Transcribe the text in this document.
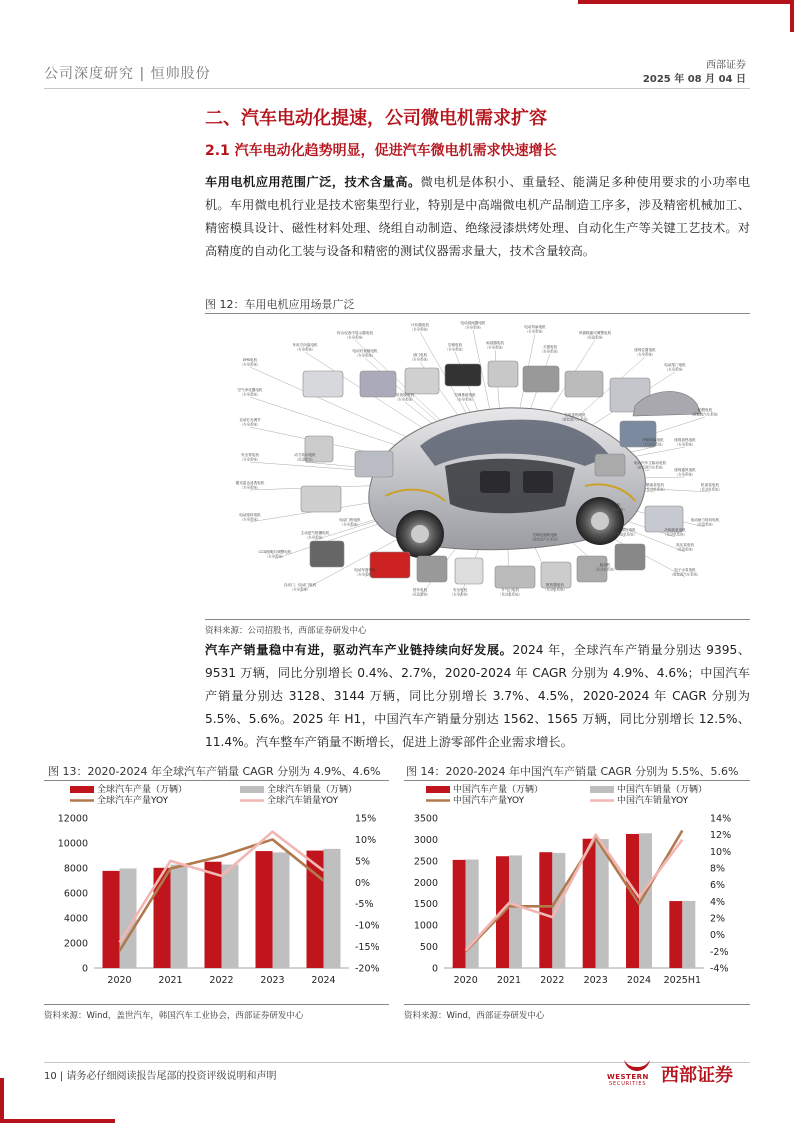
公司深度研究 | 恒帅股份
西部证券
2025 年 08 月 04 日
二、汽车电动化提速，公司微电机需求扩容
2.1 汽车电动化趋势明显，促进汽车微电机需求快速增长

车用电机应用范围广泛，技术含量高。微电机是体积小、重量轻、能满足多种使用要求的小功率电机。车用微电机行业是技术密集型行业，特别是中高端微电机产品制造工序多，涉及精密机械加工、精密模具设计、磁性材料处理、绕组自动制造、绝缘浸漆烘烤处理、自动化生产等关键工艺技术。对高精度的自动化工装与设备和精密的测试仪器需求量大，技术含量较高。

图 12：车用电机应用场景广泛
综合仪表中显示器电机
（车身系统）
计价器电机
（车身系统）
电动刮雨器电机
（车身系统）	电动风扇电机
（车身系统）	风窗除霜可调整电机
（底盘系统）
座椅位置电机
（车身系统）
EPB电机
（车身系统）
空气净化器电机
（车身系统）
自动灯光调节
（车身系统）
安全带电机
（车身系统）
激光雷达清洗电机
（车身系统）
电动座椅电机
（车身系统）
CCD照明灯调整电机
（车身系统）
自动门、电动门电机
（车身系统）
车用方向盘电机
（车身系统）	电动后视镜电机
（车身系统）	油门电机
（车身系统）
空调电机
（车身系统）
高压泵电机
（底盘系统）
雨刮器电机
（车身系统）	天窗电机
（车身系统）
充电盖锁电机
（新能源汽车系统）
后视镜电机
（车身系统）
空调系统电机
（车身系统）
动力转向电机
（底盘系统）
电动尾门电机
（车身系统）
轮毂电机
（新能源汽车系统）
电动汽车主驱动电机
（新能源汽车系统）
冷却风扇电机
（发动机系统）
燃油泵电机
（发动机系统）
发电机
（发动机系统）
起动机
（发动机系统）
电动车窗电机
（车身系统）
散热器电机
（发动机系统）
涡轮增压电机
（发动机系统）
冷却液泵电机
（发动机系统）
节气门电机
（发动机系统）
驻车电机
（底盘系统）
安全电机
（车身系统）
电动门锁电机
（车身系统）
主动进气格栅电机
（车身系统）
座椅加热电机
（车身系统）
座椅通风电机
（车身系统）
机油泵电机
（发动机系统）
电动助力转向电机
（底盘系统）
电子水泵电机
（新能源汽车系统）
空调压缩机电机
（新能源汽车系统）
资料来源：公司招股书，西部证券研发中心

汽车产销量稳中有进，驱动汽车产业链持续向好发展。2024 年，全球汽车产销量分别达 9395、9531 万辆，同比分别增长 0.4%、2.7%，2020-2024 年 CAGR 分别为 4.9%、4.6%；中国汽车产销量分别达 3128、3144 万辆，同比分别增长 3.7%、4.5%，2020-2024 年 CAGR 分别为 5.5%、5.6%。2025 年 H1，中国汽车产销量分别达 1562、1565 万辆，同比分别增长 12.5%、11.4%。汽车整车产销量不断增长，促进上游零部件企业需求增长。

图 13：2020-2024 年全球汽车产销量 CAGR 分别为 4.9%、4.6%
全球汽车产量（万辆）	全球汽车销量（万辆）
全球汽车产量YOY	全球汽车销量YOY
0
2000
4000
6000
8000
10000
12000	15%
10%
5%
0%
-5%
-10%
-15%
-20%
2020	2021	2022	2023	2024
资料来源：Wind，盖世汽车，韩国汽车工业协会，西部证券研发中心
图 14：2020-2024 年中国汽车产销量 CAGR 分别为 5.5%、5.6%
中国汽车产量（万辆）	中国汽车销量（万辆）
中国汽车产量YOY	中国汽车销量YOY
0
500
1000
1500
2000
2500
3000
3500	14%
12%
10%
8%
6%
4%
2%
0%
-2%
-4%
2020 2021 2022 2023 2024 2025H1
资料来源：Wind，西部证券研发中心
10 | 请务必仔细阅读报告尾部的投资评级说明和声明	WESTERN
SECURITIES 西部证券
